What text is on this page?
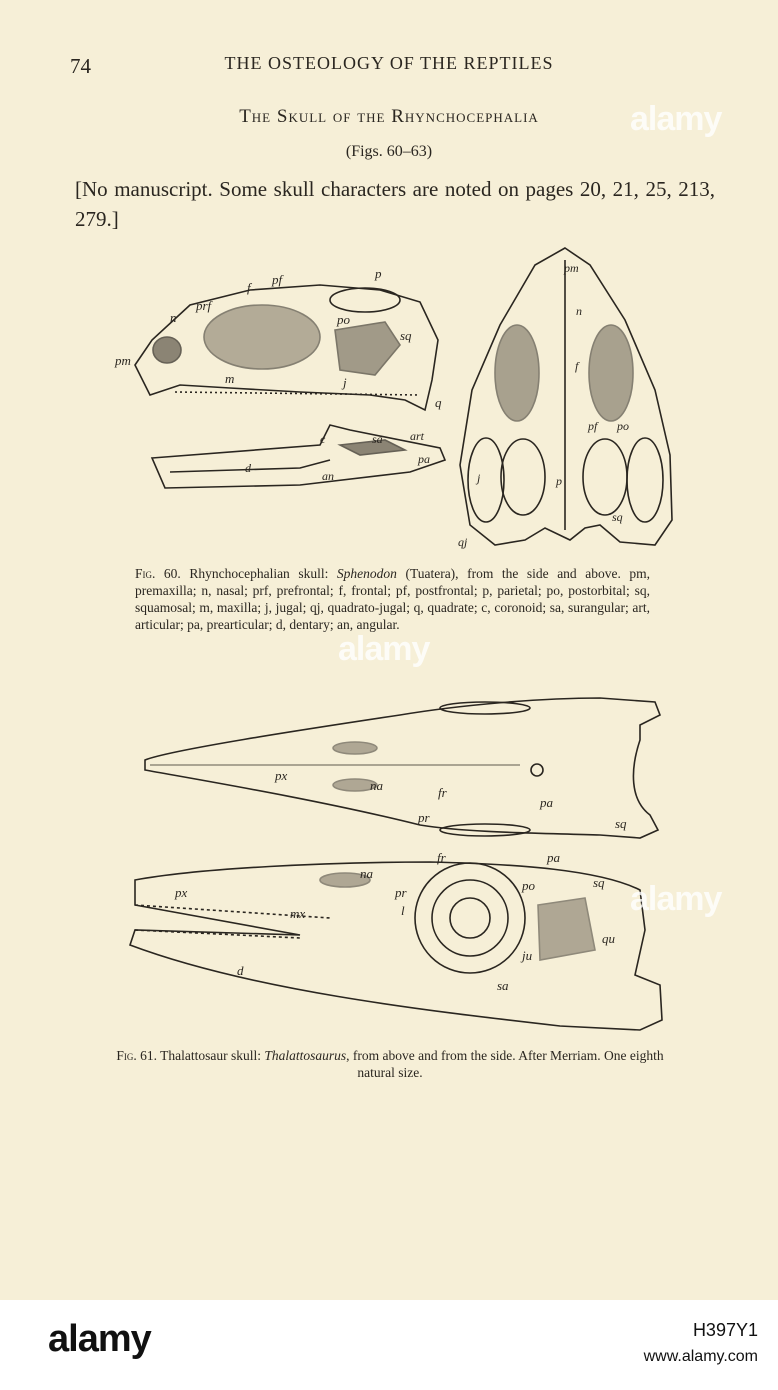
74	THE OSTEOLOGY OF THE REPTILES
The Skull of the Rhynchocephalia
(Figs. 60–63)
[No manuscript. Some skull characters are noted on pages 20, 21, 25, 213, 279.]
pm
n
prf
f
pf	p
po
sq
m	j
q
c	sa art
pa
d
an
pm
n
f
pf po
j	p
sq
qj
Fig. 60. Rhynchocephalian skull: Sphenodon (Tuatera), from the side and above. pm, premaxilla; n, nasal; prf, prefrontal; f, frontal; pf, postfrontal; p, parietal; po, postorbital; sq, squamosal; m, maxilla; j, jugal; qj, quadrato-jugal; q, quadrate; c, coronoid; sa, surangular; art, articular; pa, prearticular; d, dentary; an, angular.
px
na	fr
pa
pr	sq
fr	pa
na
px	pr
l
po	sq
mx
qu
ju
d
sa
Fig. 61. Thalattosaur skull: Thalattosaurus, from above and from the side. After Merriam. One eighth natural size.
alamy
alamy
alamy
alamy	H397Y1
www.alamy.com
